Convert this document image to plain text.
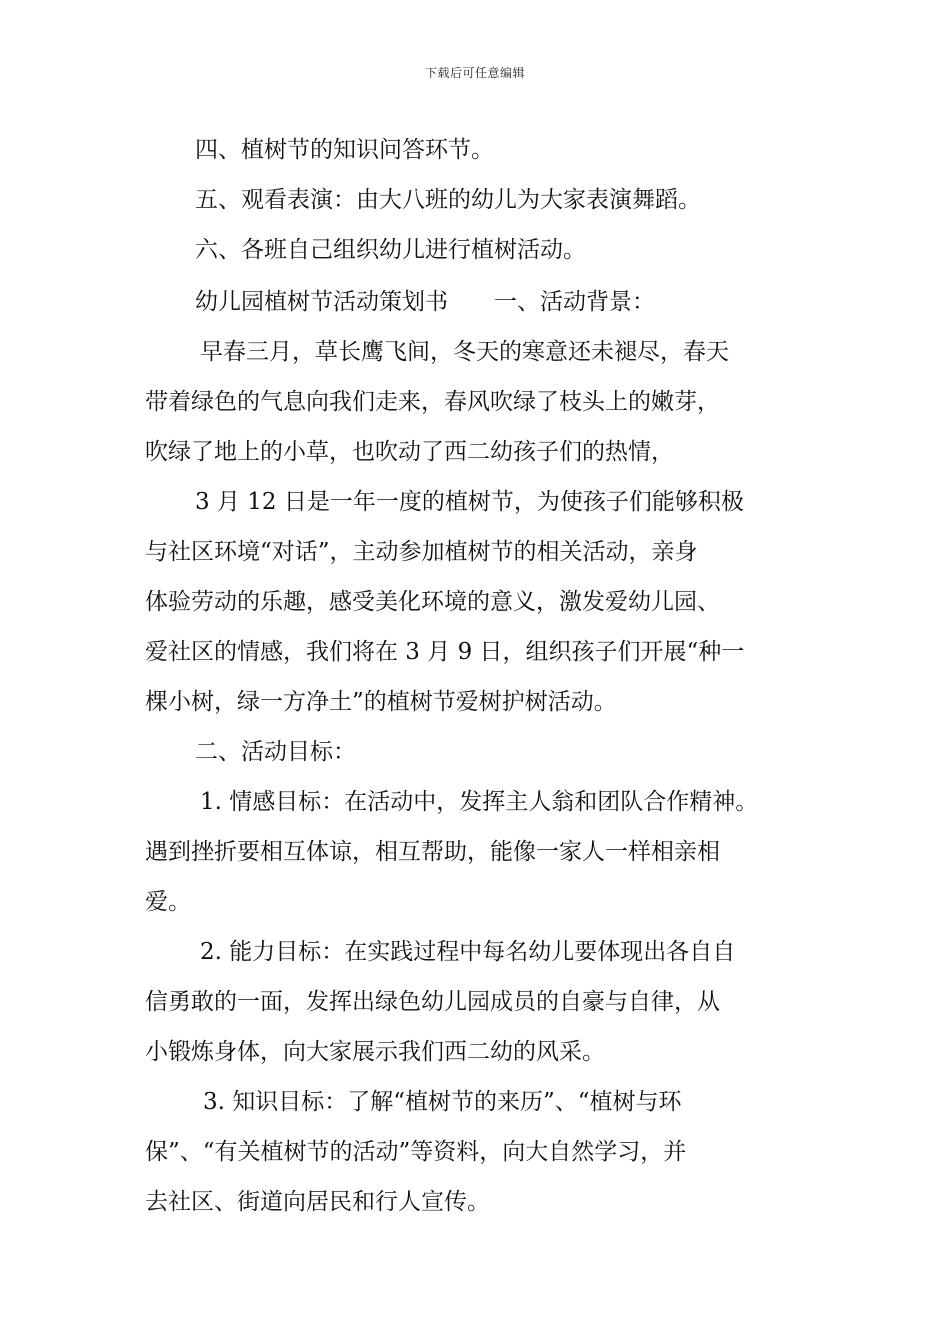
下载后可任意编辑
四、植树节的知识问答环节。
五、观看表演：由大八班的幼儿为大家表演舞蹈。
六、各班自己组织幼儿进行植树活动。
幼儿园植树节活动策划书　　一、活动背景：
早春三月，草长鹰飞间，冬天的寒意还未褪尽，春天
带着绿色的气息向我们走来，春风吹绿了枝头上的嫩芽，
吹绿了地上的小草，也吹动了西二幼孩子们的热情，
3 月 12 日是一年一度的植树节，为使孩子们能够积极
与社区环境“对话”，主动参加植树节的相关活动，亲身
体验劳动的乐趣，感受美化环境的意义，激发爱幼儿园、
爱社区的情感，我们将在 3 月 9 日，组织孩子们开展“种一
棵小树，绿一方净土”的植树节爱树护树活动。
二、活动目标：
1. 情感目标：在活动中，发挥主人翁和团队合作精神。
遇到挫折要相互体谅，相互帮助，能像一家人一样相亲相
爱。
2. 能力目标：在实践过程中每名幼儿要体现出各自自
信勇敢的一面，发挥出绿色幼儿园成员的自豪与自律，从
小锻炼身体，向大家展示我们西二幼的风采。
3. 知识目标：了解“植树节的来历”、“植树与环
保”、“有关植树节的活动”等资料，向大自然学习，并
去社区、街道向居民和行人宣传。
